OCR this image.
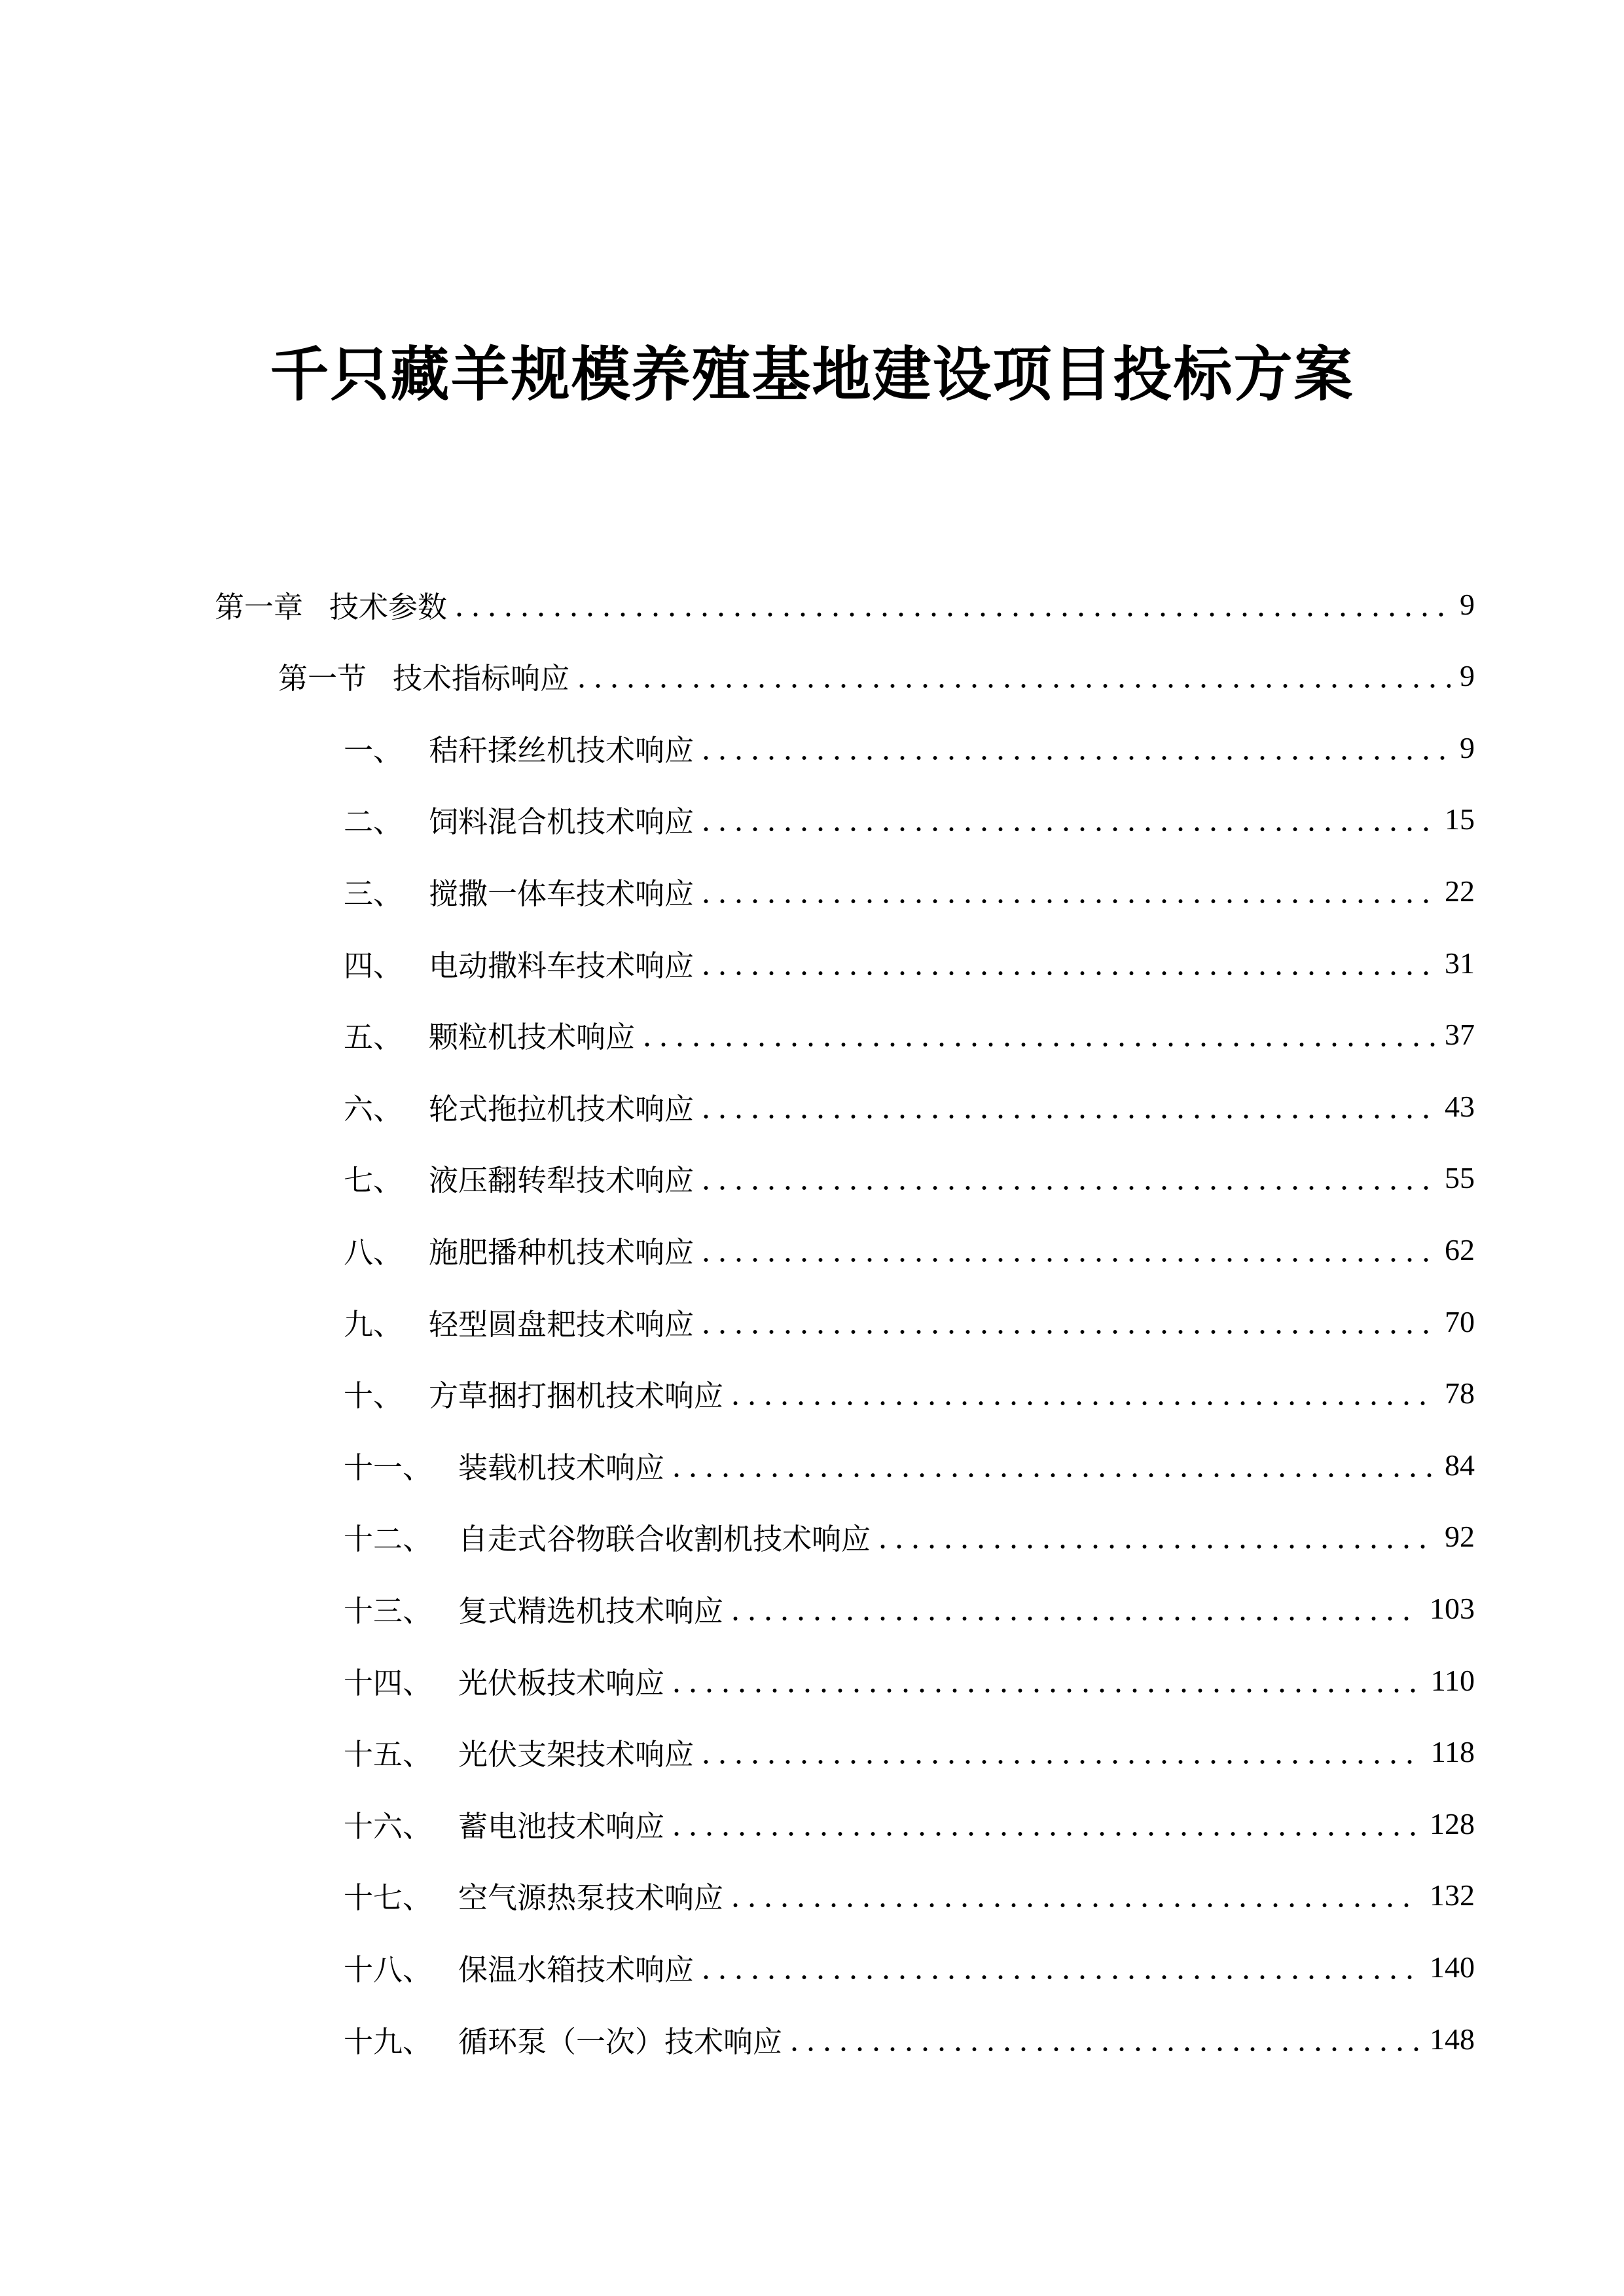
千只藏羊规模养殖基地建设项目投标方案
第一章 技术参数	9
第一节 技术指标响应	9
一、 秸秆揉丝机技术响应	9
二、 饲料混合机技术响应	15
三、 搅撒一体车技术响应	22
四、 电动撒料车技术响应	31
五、 颗粒机技术响应	37
六、 轮式拖拉机技术响应	43
七、 液压翻转犁技术响应	55
八、 施肥播种机技术响应	62
九、 轻型圆盘耙技术响应	70
十、 方草捆打捆机技术响应	78
十一、 装载机技术响应	84
十二、 自走式谷物联合收割机技术响应	92
十三、 复式精选机技术响应	103
十四、 光伏板技术响应	110
十五、 光伏支架技术响应	118
十六、 蓄电池技术响应	128
十七、 空气源热泵技术响应	132
十八、 保温水箱技术响应	140
十九、 循环泵（一次）技术响应	148
